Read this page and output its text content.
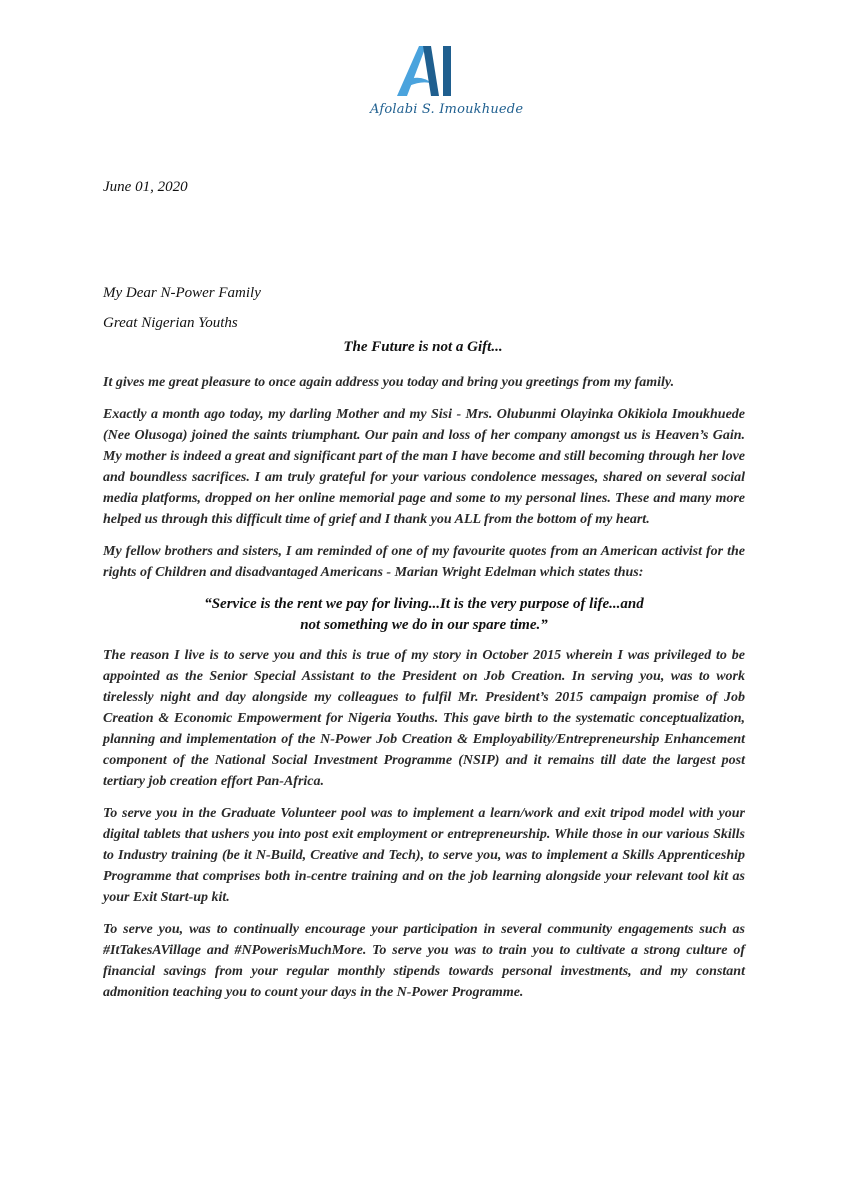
Afolabi S. Imoukhuede
June 01, 2020
My Dear N-Power Family
Great Nigerian Youths
The Future is not a Gift...

It gives me great pleasure to once again address you today and bring you greetings from my family.

Exactly a month ago today, my darling Mother and my Sisi - Mrs. Olubunmi Olayinka Okikiola Imoukhuede (Nee Olusoga) joined the saints triumphant. Our pain and loss of her company amongst us is Heaven’s Gain. My mother is indeed a great and significant part of the man I have become and still becoming through her love and boundless sacrifices. I am truly grateful for your various condolence messages, shared on several social media platforms, dropped on her online memorial page and some to my personal lines. These and many more helped us through this difficult time of grief and I thank you ALL from the bottom of my heart.

My fellow brothers and sisters, I am reminded of one of my favourite quotes from an American activist for the rights of Children and disadvantaged Americans - Marian Wright Edelman which states thus:

“Service is the rent we pay for living...It is the very purpose of life...and not something we do in our spare time.”

The reason I live is to serve you and this is true of my story in October 2015 wherein I was privileged to be appointed as the Senior Special Assistant to the President on Job Creation. In serving you, was to work tirelessly night and day alongside my colleagues to fulfil Mr. President’s 2015 campaign promise of Job Creation & Economic Empowerment for Nigeria Youths. This gave birth to the systematic conceptualization, planning and implementation of the N-Power Job Creation & Employability/Entrepreneurship Enhancement component of the National Social Investment Programme (NSIP) and it remains till date the largest post tertiary job creation effort Pan-Africa.

To serve you in the Graduate Volunteer pool was to implement a learn/work and exit tripod model with your digital tablets that ushers you into post exit employment or entrepreneurship. While those in our various Skills to Industry training (be it N-Build, Creative and Tech), to serve you, was to implement a Skills Apprenticeship Programme that comprises both in-centre training and on the job learning alongside your relevant tool kit as your Exit Start-up kit.

To serve you, was to continually encourage your participation in several community engagements such as #ItTakesAVillage and #NPowerisMuchMore. To serve you was to train you to cultivate a strong culture of financial savings from your regular monthly stipends towards personal investments, and my constant admonition teaching you to count your days in the N-Power Programme.
